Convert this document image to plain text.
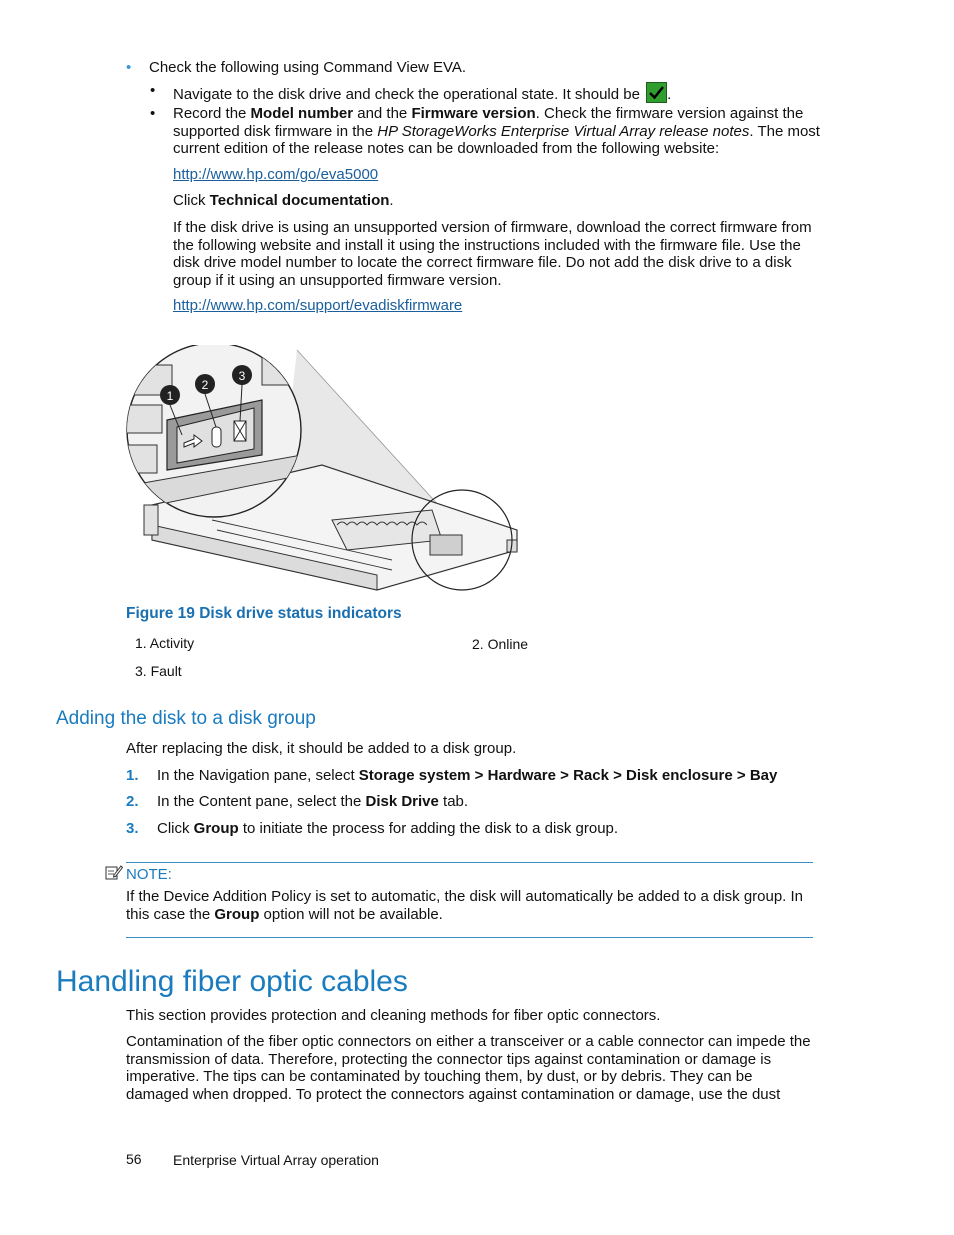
• Check the following using Command View EVA.

• Navigate to the disk drive and check the operational state. It should be .

• Record the Model number and the Firmware version. Check the firmware version against the supported disk firmware in the HP StorageWorks Enterprise Virtual Array release notes. The most current edition of the release notes can be downloaded from the following website:

http://www.hp.com/go/eva5000

Click Technical documentation.

If the disk drive is using an unsupported version of firmware, download the correct firmware from the following website and install it using the instructions included with the firmware file. Use the disk drive model number to locate the correct firmware file. Do not add the disk drive to a disk group if it using an unsupported firmware version.

http://www.hp.com/support/evadiskfirmware
1
2
3

Figure 19 Disk drive status indicators

1. Activity	2. Online

3. Fault

Adding the disk to a disk group

After replacing the disk, it should be added to a disk group.

1. In the Navigation pane, select Storage system > Hardware > Rack > Disk enclosure > Bay
2. In the Content pane, select the Disk Drive tab.
3. Click Group to initiate the process for adding the disk to a disk group.

NOTE:

If the Device Addition Policy is set to automatic, the disk will automatically be added to a disk group. In this case the Group option will not be available.

Handling fiber optic cables

This section provides protection and cleaning methods for fiber optic connectors.

Contamination of the fiber optic connectors on either a transceiver or a cable connector can impede the transmission of data. Therefore, protecting the connector tips against contamination or damage is imperative. The tips can be contaminated by touching them, by dust, or by debris. They can be damaged when dropped. To protect the connectors against contamination or damage, use the dust

56 Enterprise Virtual Array operation
